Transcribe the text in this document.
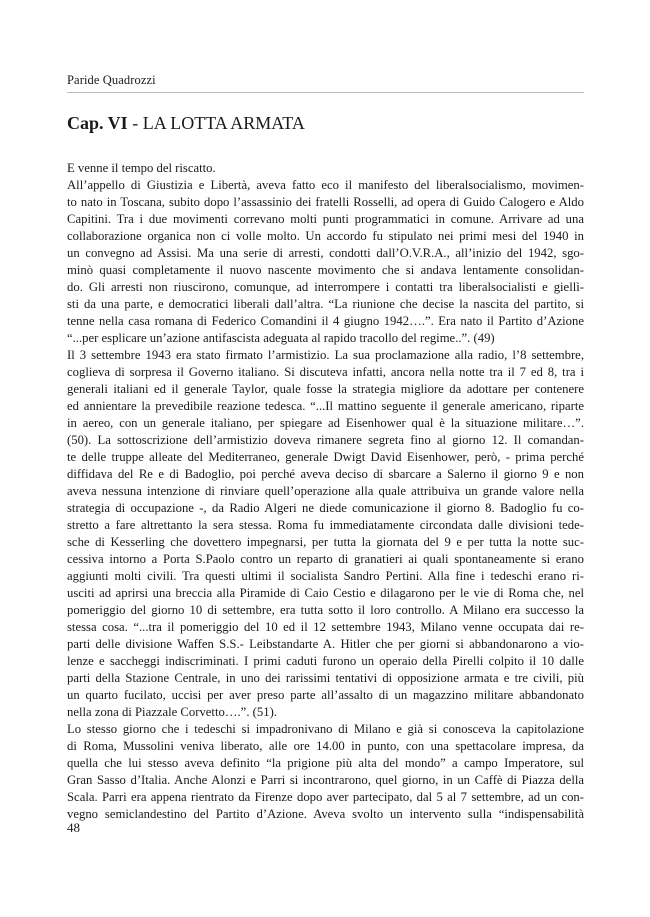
Paride Quadrozzi
Cap. VI - LA LOTTA ARMATA
E venne il tempo del riscatto.
All’appello di Giustizia e Libertà, aveva fatto eco il manifesto del liberalsocialismo, movimen-
to nato in Toscana, subito dopo l’assassinio dei fratelli Rosselli, ad opera di Guido Calogero e Aldo
Capitini. Tra i due movimenti correvano molti punti programmatici in comune. Arrivare ad una
collaborazione organica non ci volle molto. Un accordo fu stipulato nei primi mesi del 1940 in
un convegno ad Assisi. Ma una serie di arresti, condotti dall’O.V.R.A., all’inizio del 1942, sgo-
minò quasi completamente il nuovo nascente movimento che si andava lentamente consolidan-
do. Gli arresti non riuscirono, comunque, ad interrompere i contatti tra liberalsocialisti e giellì-
sti da una parte, e democratici liberali dall’altra. “La riunione che decise la nascita del partito, si
tenne nella casa romana di Federico Comandini il 4 giugno 1942….”. Era nato il Partito d’Azione
“...per esplicare un’azione antifascista adeguata al rapido tracollo del regime..”. (49)
Il 3 settembre 1943 era stato firmato l’armistizio. La sua proclamazione alla radio, l’8 settembre,
coglieva di sorpresa il Governo italiano. Si discuteva infatti, ancora nella notte tra il 7 ed 8, tra i
generali italiani ed il generale Taylor, quale fosse la strategia migliore da adottare per contenere
ed annientare la prevedibile reazione tedesca. “...Il mattino seguente il generale americano, riparte
in aereo, con un generale italiano, per spiegare ad Eisenhower qual è la situazione militare…”.
(50). La sottoscrizione dell’armistizio doveva rimanere segreta fino al giorno 12. Il comandan-
te delle truppe alleate del Mediterraneo, generale Dwigt David Eisenhower, però, - prima perché
diffidava del Re e di Badoglio, poi perché aveva deciso di sbarcare a Salerno il giorno 9 e non
aveva nessuna intenzione di rinviare quell’operazione alla quale attribuiva un grande valore nella
strategia di occupazione -, da Radio Algeri ne diede comunicazione il giorno 8. Badoglio fu co-
stretto a fare altrettanto la sera stessa. Roma fu immediatamente circondata dalle divisioni tede-
sche di Kesserling che dovettero impegnarsi, per tutta la giornata del 9 e per tutta la notte suc-
cessiva intorno a Porta S.Paolo contro un reparto di granatieri ai quali spontaneamente si erano
aggiunti molti civili. Tra questi ultimi il socialista Sandro Pertini. Alla fine i tedeschi erano ri-
usciti ad aprirsi una breccia alla Piramide di Caio Cestio e dilagarono per le vie di Roma che, nel
pomeriggio del giorno 10 di settembre, era tutta sotto il loro controllo. A Milano era successo la
stessa cosa. “...tra il pomeriggio del 10 ed il 12 settembre 1943, Milano venne occupata dai re-
parti delle divisione Waffen S.S.- Leibstandarte A. Hitler che per giorni si abbandonarono a vio-
lenze e saccheggi indiscriminati. I primi caduti furono un operaio della Pirelli colpito il 10 dalle
parti della Stazione Centrale, in uno dei rarissimi tentativi di opposizione armata e tre civili, più
un quarto fucilato, uccisi per aver preso parte all’assalto di un magazzino militare abbandonato
nella zona di Piazzale Corvetto….”. (51).
Lo stesso giorno che i tedeschi si impadronivano di Milano e già si conosceva la capitolazione
di Roma, Mussolini veniva liberato, alle ore 14.00 in punto, con una spettacolare impresa, da
quella che lui stesso aveva definito “la prigione più alta del mondo” a campo Imperatore, sul
Gran Sasso d’Italia. Anche Alonzi e Parri si incontrarono, quel giorno, in un Caffè di Piazza della
Scala. Parri era appena rientrato da Firenze dopo aver partecipato, dal 5 al 7 settembre, ad un con-
vegno semiclandestino del Partito d’Azione. Aveva svolto un intervento sulla “indispensabilità
48
